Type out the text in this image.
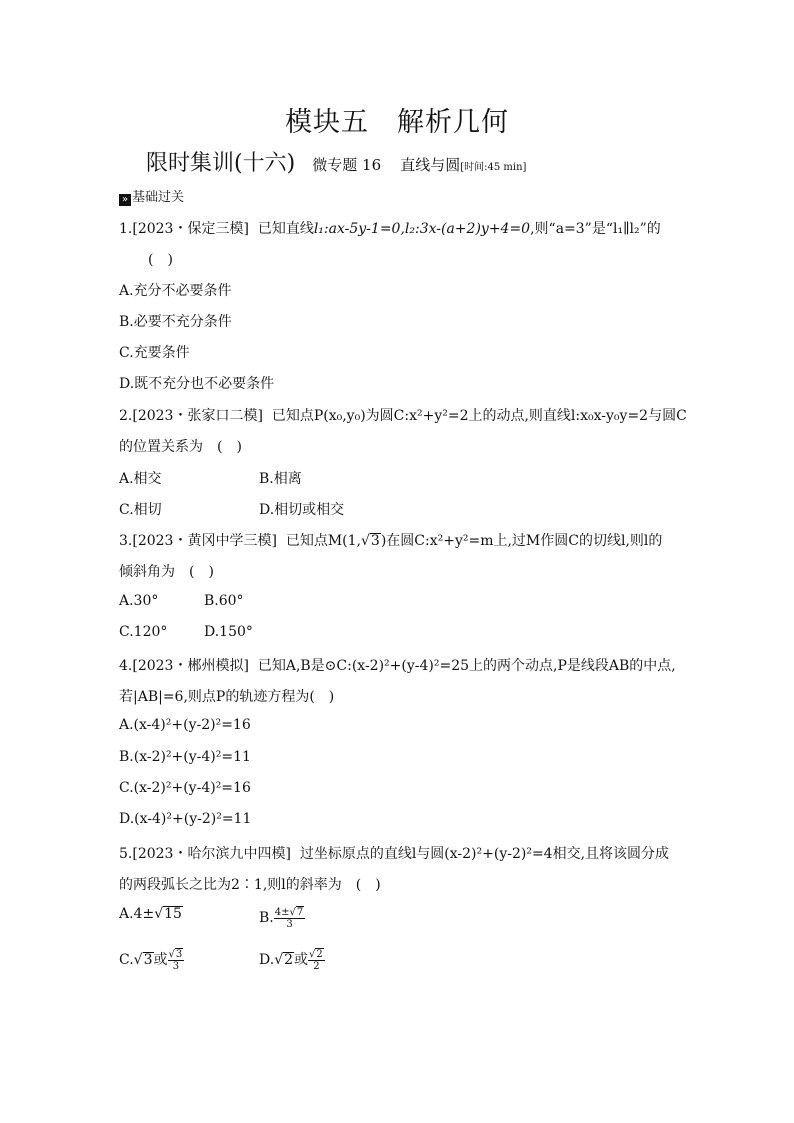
模块五 解析几何
限时集训(十六) 微专题 16 直线与圆[时间:45 min]
» 基础过关
1.[2023・保定三模] 已知直线l₁:ax-5y-1=0,l₂:3x-(a+2)y+4=0,则“a=3”是“l₁∥l₂”的
(　)
A.充分不必要条件
B.必要不充分条件
C.充要条件
D.既不充分也不必要条件
2.[2023・张家口二模] 已知点P(x₀,y₀)为圆C:x²+y²=2上的动点,则直线l:x₀x-y₀y=2与圆C
的位置关系为　(　)
A.相交	B.相离
C.相切	D.相切或相交
3.[2023・黄冈中学三模] 已知点M(1,√3)在圆C:x²+y²=m上,过M作圆C的切线l,则l的
倾斜角为　(　)
A.30°	B.60°
C.120°	D.150°
4.[2023・郴州模拟] 已知A,B是⊙C:(x-2)²+(y-4)²=25上的两个动点,P是线段AB的中点,
若|AB|=6,则点P的轨迹方程为(　)
A.(x-4)²+(y-2)²=16
B.(x-2)²+(y-4)²=11
C.(x-2)²+(y-4)²=16
D.(x-4)²+(y-2)²=11
5.[2023・哈尔滨九中四模] 过坐标原点的直线l与圆(x-2)²+(y-2)²=4相交,且将该圆分成
的两段弧长之比为2∶1,则l的斜率为　(　)
A.4±√15	B. $\frac{4\pm√7}{3}$
C.√3或 $\frac{√3}{3}$	D.√2或 $\frac{√2}{2}$
